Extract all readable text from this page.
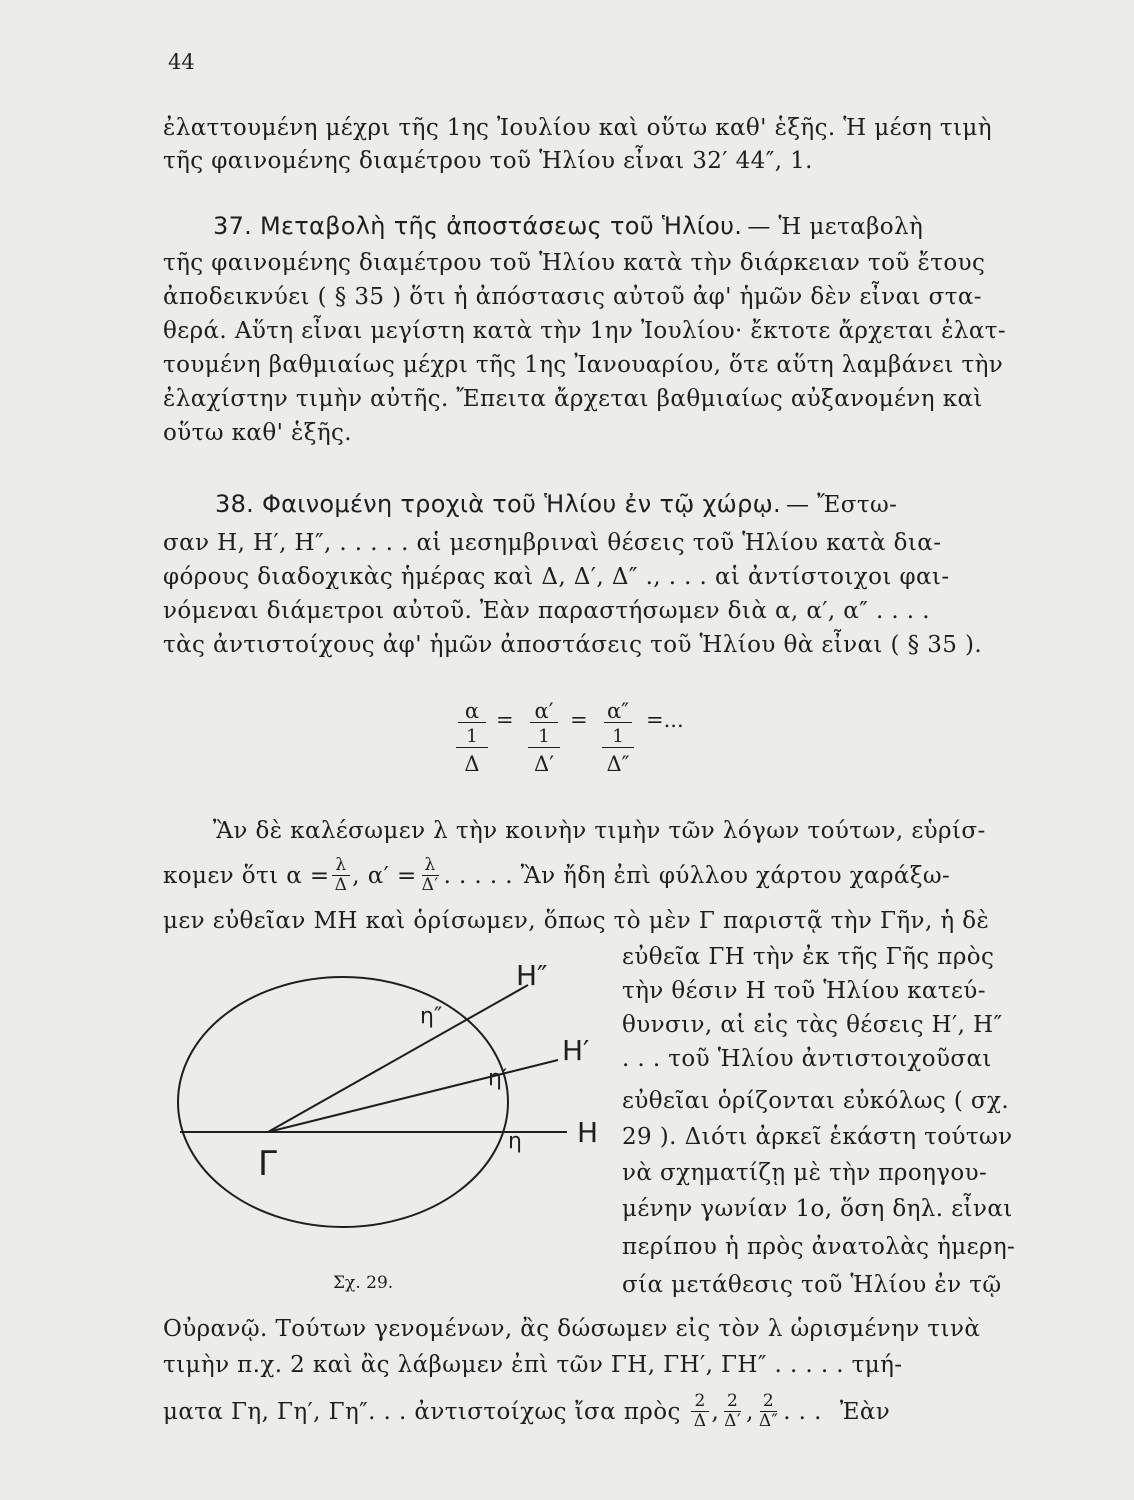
44
ἐλαττουμένη μέχρι τῆς 1ης Ἰουλίου καὶ οὕτω καθ' ἑξῆς. Ἡ μέση τιμὴ
τῆς φαινομένης διαμέτρου τοῦ Ἡλίου εἶναι 32′ 44″, 1.
37. Μεταβολὴ τῆς ἀποστάσεως τοῦ Ἡλίου. — Ἡ μεταβολὴ
τῆς φαινομένης διαμέτρου τοῦ Ἡλίου κατὰ τὴν διάρκειαν τοῦ ἔτους
ἀποδεικνύει ( § 35 ) ὅτι ἡ ἀπόστασις αὐτοῦ ἀφ' ἡμῶν δὲν εἶναι στα-
θερά. Αὕτη εἶναι μεγίστη κατὰ τὴν 1ην Ἰουλίου· ἔκτοτε ἄρχεται ἐλατ-
τουμένη βαθμιαίως μέχρι τῆς 1ης Ἰανουαρίου, ὅτε αὕτη λαμβάνει τὴν
ἐλαχίστην τιμὴν αὐτῆς. Ἔπειτα ἄρχεται βαθμιαίως αὐξανομένη καὶ
οὕτω καθ' ἑξῆς.
38. Φαινομένη τροχιὰ τοῦ Ἡλίου ἐν τῷ χώρῳ. — Ἔστω-
σαν Η, Η′, Η″, . . . . . αἱ μεσημβριναὶ θέσεις τοῦ Ἡλίου κατὰ δια-
φόρους διαδοχικὰς ἡμέρας καὶ Δ, Δ′, Δ″ ., . . . αἱ ἀντίστοιχοι φαι-
νόμεναι διάμετροι αὐτοῦ. Ἐὰν παραστήσωμεν διὰ α, α′, α″ . . . .
τὰς ἀντιστοίχους ἀφ' ἡμῶν ἀποστάσεις τοῦ Ἡλίου θὰ εἶναι ( § 35 ).
α
1
Δ
= α′
1
Δ′
= α″
1
Δ″
=...
Ἂν δὲ καλέσωμεν λ τὴν κοινὴν τιμὴν τῶν λόγων τούτων, εὑρίσ-
κομεν ὅτι $\alpha = \frac{\lambda}{\Delta}$ , $\alpha' = \frac{\lambda}{\Delta'}$ . . . . . Ἂν ἤδη ἐπὶ φύλλου χάρτου χαράξω-
μεν εὐθεῖαν ΜΗ καὶ ὁρίσωμεν, ὅπως τὸ μὲν Γ παριστᾷ τὴν Γῆν, ἡ δὲ
εὐθεῖα ΓΗ τὴν ἐκ τῆς Γῆς πρὸς
τὴν θέσιν Η τοῦ Ἡλίου κατεύ-
θυνσιν, αἱ εἰς τὰς θέσεις Η′, Η″
. . . τοῦ Ἡλίου ἀντιστοιχοῦσαι
εὐθεῖαι ὁρίζονται εὐκόλως ( σχ.
29 ). Διότι ἀρκεῖ ἑκάστη τούτων
νὰ σχηματίζῃ μὲ τὴν προηγου-
μένην γωνίαν 1ο, ὅση δηλ. εἶναι
περίπου ἡ πρὸς ἀνατολὰς ἡμερη-
σία μετάθεσις τοῦ Ἡλίου ἐν τῷ
Γ
Η
Η′
Η″
η
η′
η″
Σχ. 29.
Οὐρανῷ. Τούτων γενομένων, ἂς δώσωμεν εἰς τὸν λ ὡρισμένην τινὰ
τιμὴν π.χ. 2 καὶ ἂς λάβωμεν ἐπὶ τῶν ΓΗ, ΓΗ′, ΓΗ″ . . . . . τμή-
ματα Γη, Γη′, Γη″. . . ἀντιστοίχως ἴσα πρὸς $\frac{2}{\Delta}$ , $\frac{2}{\Delta'}$ , $\frac{2}{\Delta''}$ . . . Ἐὰν
